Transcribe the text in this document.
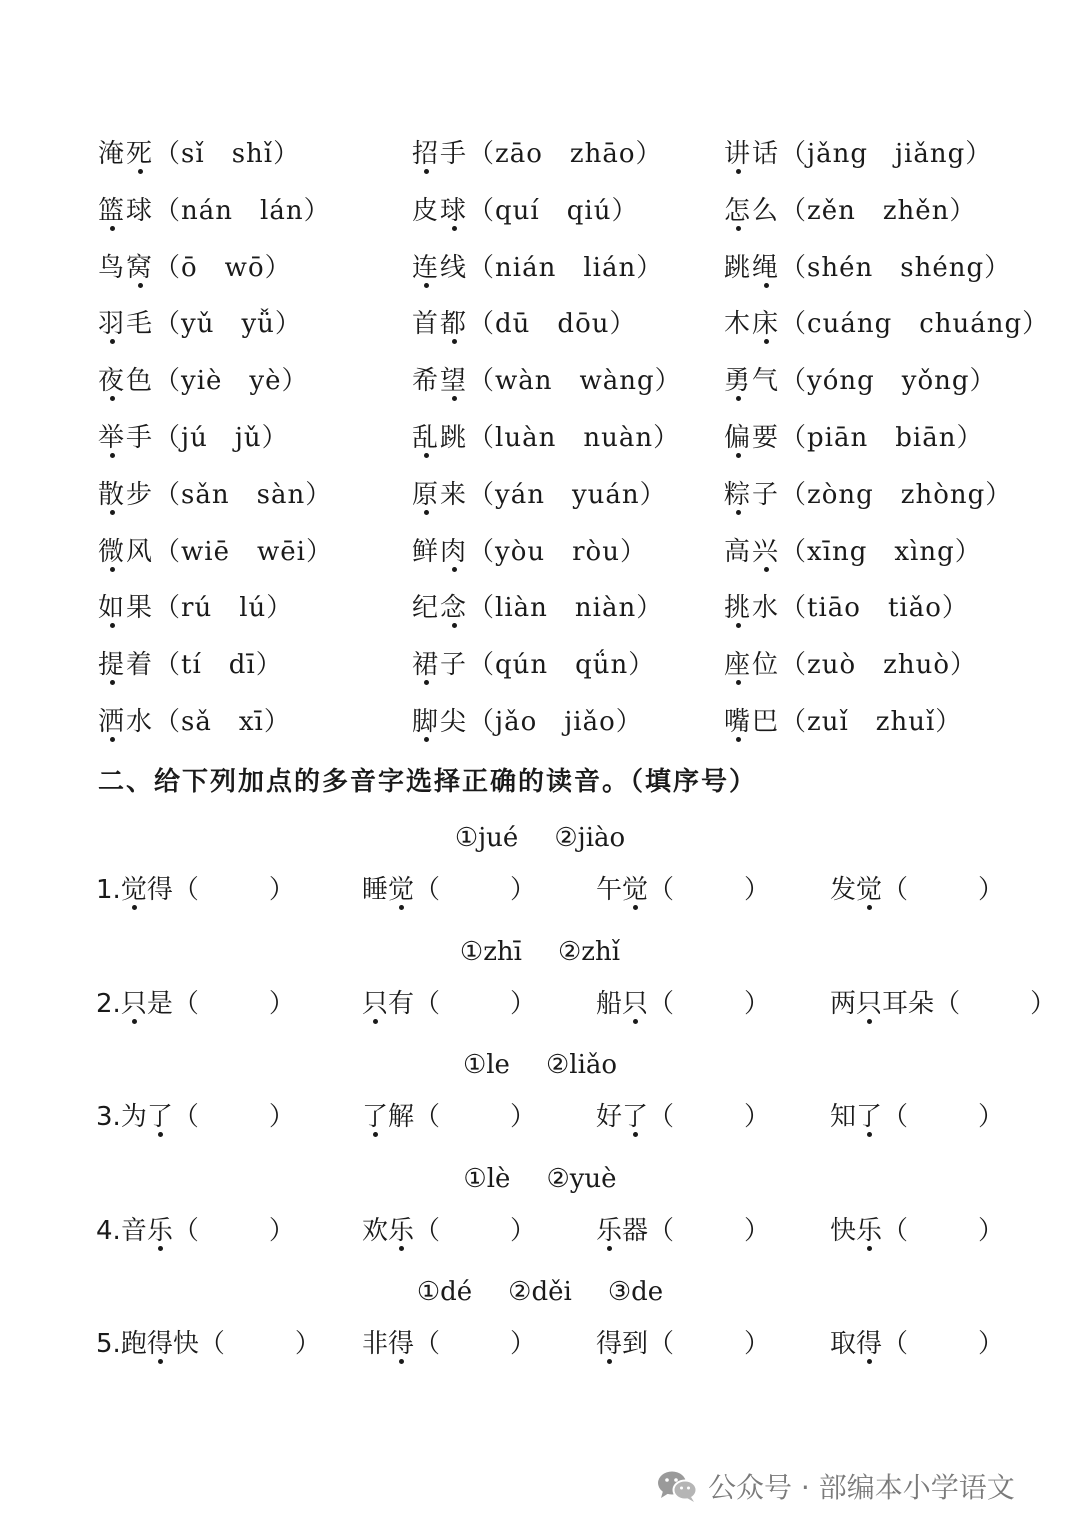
淹死（sǐ　shǐ）	招手（zāo　zhāo） 讲话（jǎng　jiǎng）
篮球（nán　lán）	皮球（quí　qiú）	怎么（zěn　zhěn）
鸟窝（ō　wō）	连线（nián　lián） 跳绳（shén　shéng）
羽毛（yǔ　yǚ）	首都（dū　dōu）	木床（cuáng　chuáng）
夜色（yiè　yè）	希望（wàn　wàng） 勇气（yóng　yǒng）
举手（jú　jǔ）	乱跳（luàn　nuàn） 偏要（piān　biān）
散步（sǎn　sàn）	原来（yán　yuán） 粽子（zòng　zhòng）
微风（wiē　wēi）	鲜肉（yòu　ròu）	高兴（xīng　xìng）
如果（rú　lú）	纪念（liàn　niàn） 挑水（tiāo　tiǎo）
提着（tí　dī）	裙子（qún　qǘn）	座位（zuò　zhuò）
洒水（sǎ　xī）	脚尖（jǎo　jiǎo）	嘴巴（zuǐ　zhuǐ）
二、给下列加点的多音字选择正确的读音。（填序号）
①jué ②jiào
1.觉得（	）	睡觉（	） 午觉（	） 发觉（	）
①zhī ②zhǐ
2.只是（	）	只有（	） 船只（	） 两只耳朵（	）
①le ②liǎo
3.为了（	）	了解（	） 好了（	） 知了（	）
①lè ②yuè
4.音乐（	）	欢乐（	） 乐器（	） 快乐（	）
①dé ②děi ③de
5.跑得快（	） 非得（	） 得到（	） 取得（	）
公众号 · 部编本小学语文
